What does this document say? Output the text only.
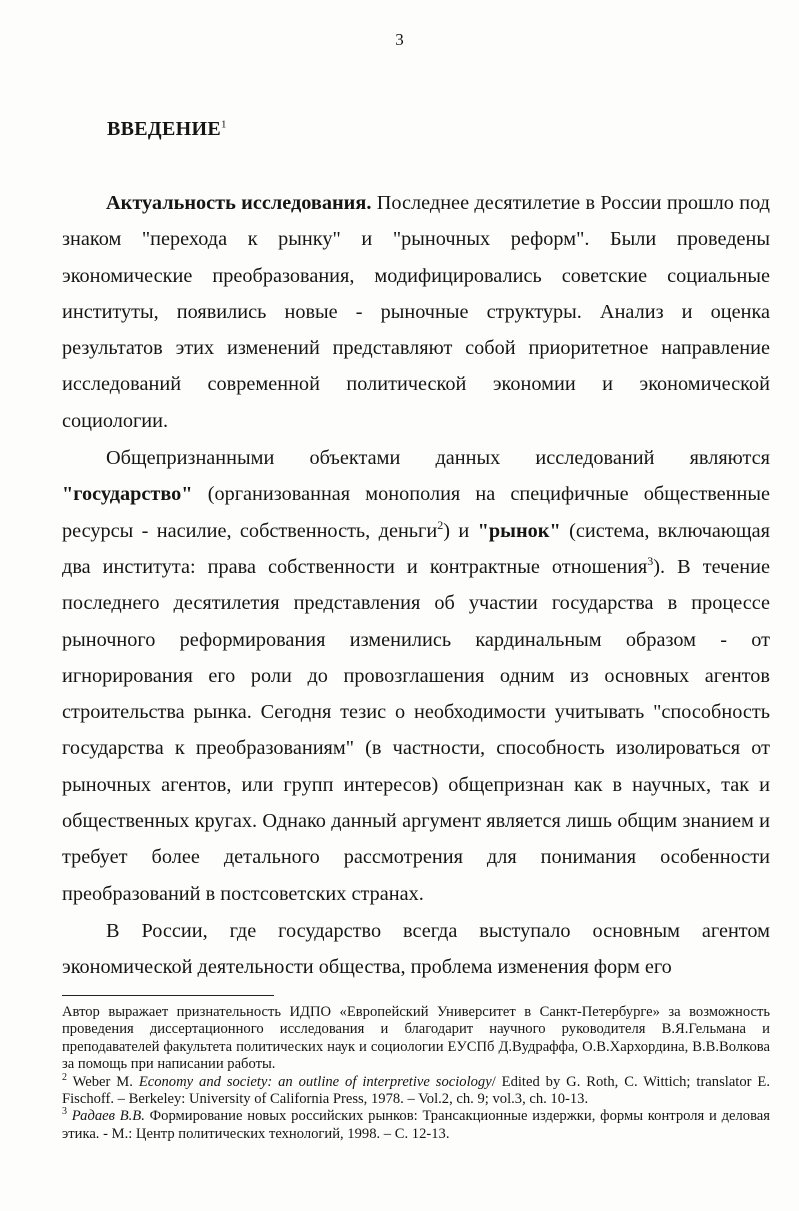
3
ВВЕДЕНИЕ$^1$

Актуальность исследования. Последнее десятилетие в России прошло под знаком "перехода к рынку" и "рыночных реформ". Были проведены экономические преобразования, модифицировались советские социальные институты, появились новые - рыночные структуры. Анализ и оценка результатов этих изменений представляют собой приоритетное направление исследований современной политической экономии и экономической социологии.

Общепризнанными объектами данных исследований являются "государство" (организованная монополия на специфичные общественные ресурсы - насилие, собственность, деньги$^2$) и "рынок" (система, включающая два института: права собственности и контрактные отношения$^3$). В течение последнего десятилетия представления об участии государства в процессе рыночного реформирования изменились кардинальным образом - от игнорирования его роли до провозглашения одним из основных агентов строительства рынка. Сегодня тезис о необходимости учитывать "способность государства к преобразованиям" (в частности, способность изолироваться от рыночных агентов, или групп интересов) общепризнан как в научных, так и общественных кругах. Однако данный аргумент является лишь общим знанием и требует более детального рассмотрения для понимания особенности преобразований в постсоветских странах.

В России, где государство всегда выступало основным агентом экономической деятельности общества, проблема изменения форм его

Автор выражает признательность ИДПО «Европейский Университет в Санкт-Петербурге» за возможность проведения диссертационного исследования и благодарит научного руководителя В.Я.Гельмана и преподавателей факультета политических наук и социологии ЕУСПб Д.Вудраффа, О.В.Хархордина, В.В.Волкова за помощь при написании работы.

$^2$ Weber M. Economy and society: an outline of interpretive sociology/ Edited by G. Roth, C. Wittich; translator E. Fischoff. – Berkeley: University of California Press, 1978. – Vol.2, ch. 9; vol.3, ch. 10-13.

$^3$ Радаев В.В. Формирование новых российских рынков: Трансакционные издержки, формы контроля и деловая этика. - М.: Центр политических технологий, 1998. – С. 12-13.
